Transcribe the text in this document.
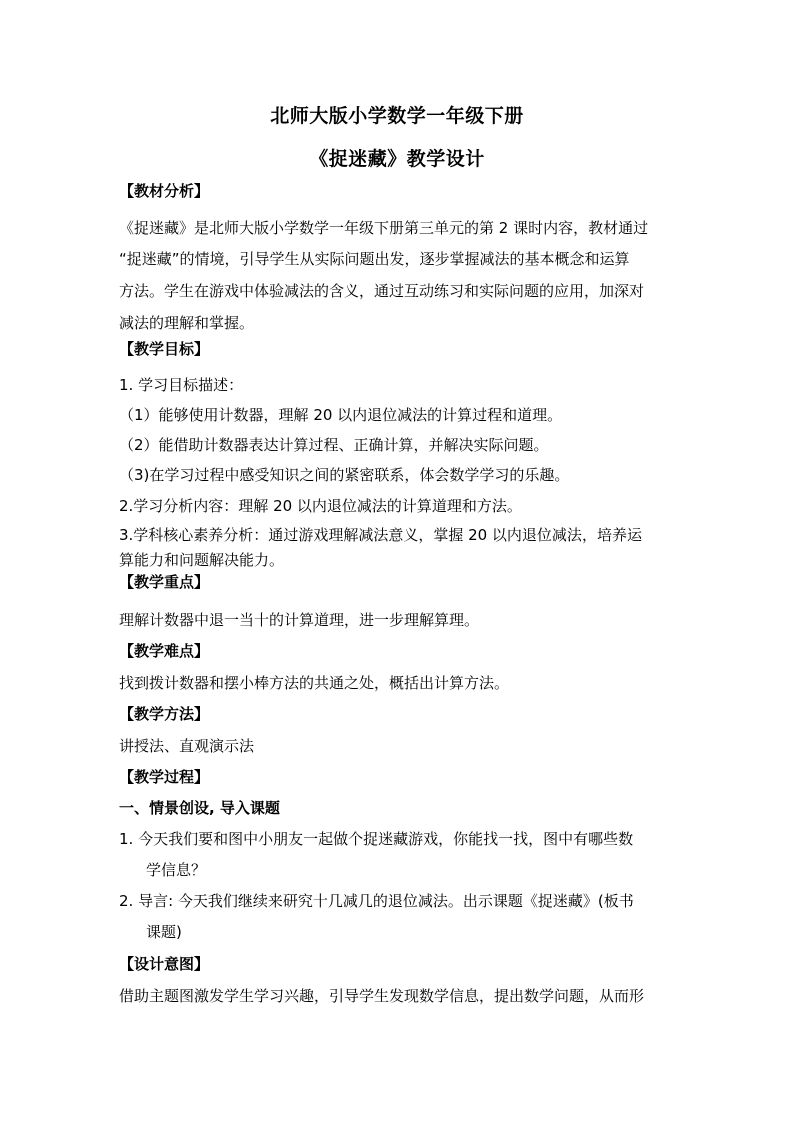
北师大版小学数学一年级下册
《捉迷藏》教学设计
【教材分析】
《捉迷藏》是北师大版小学数学一年级下册第三单元的第 2 课时内容，教材通过
“捉迷藏”的情境，引导学生从实际问题出发，逐步掌握减法的基本概念和运算
方法。学生在游戏中体验减法的含义，通过互动练习和实际问题的应用，加深对
减法的理解和掌握。
【教学目标】
1. 学习目标描述：
（1）能够使用计数器，理解 20 以内退位减法的计算过程和道理。
（2）能借助计数器表达计算过程、正确计算，并解决实际问题。
（3)在学习过程中感受知识之间的紧密联系，体会数学学习的乐趣。
2.学习分析内容：理解 20 以内退位减法的计算道理和方法。
3.学科核心素养分析：通过游戏理解减法意义，掌握 20 以内退位减法，培养运
算能力和问题解决能力。
【教学重点】
理解计数器中退一当十的计算道理，进一步理解算理。
【教学难点】
找到拨计数器和摆小棒方法的共通之处，概括出计算方法。
【教学方法】
讲授法、直观演示法
【教学过程】
一、情景创设, 导入课题
1. 今天我们要和图中小朋友一起做个捉迷藏游戏，你能找一找，图中有哪些数
学信息？
2. 导言: 今天我们继续来研究十几减几的退位减法。出示课题《捉迷藏》(板书
课题)
【设计意图】
借助主题图激发学生学习兴趣，引导学生发现数学信息，提出数学问题，从而形
